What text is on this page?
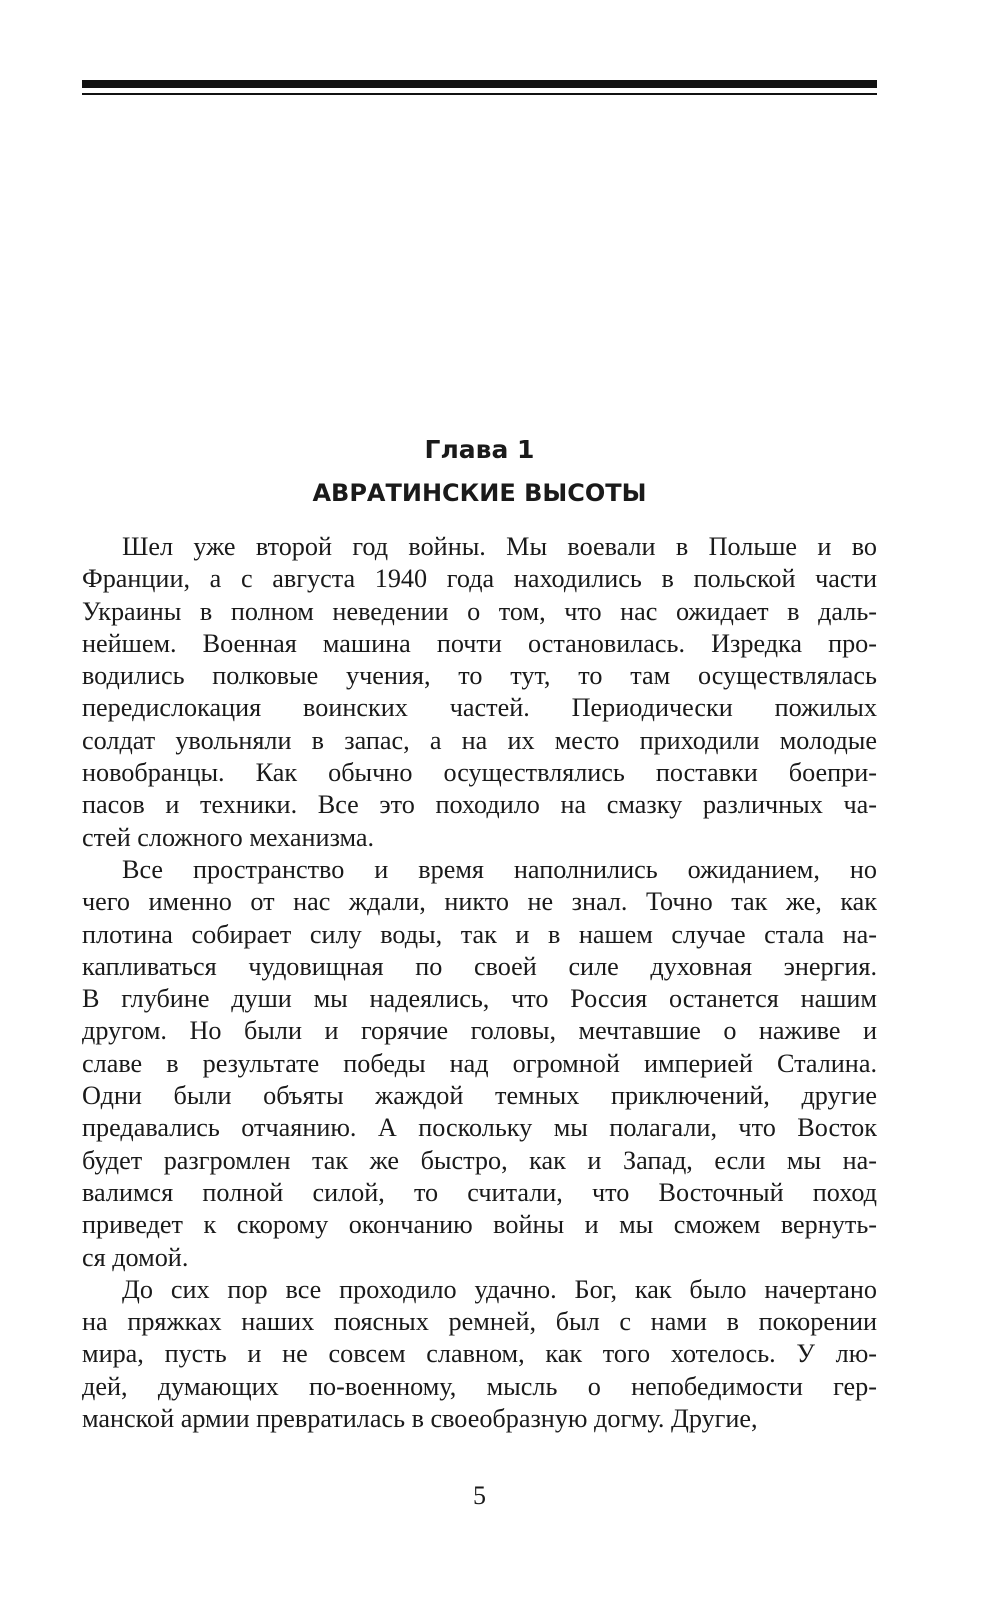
Глава 1
АВРАТИНСКИЕ ВЫСОТЫ
Шел уже второй год войны. Мы воевали в Польше и во
Франции, а с августа 1940 года находились в польской части
Украины в полном неведении о том, что нас ожидает в даль-
нейшем. Военная машина почти остановилась. Изредка про-
водились полковые учения, то тут, то там осуществлялась
передислокация воинских частей. Периодически пожилых
солдат увольняли в запас, а на их место приходили молодые
новобранцы. Как обычно осуществлялись поставки боепри-
пасов и техники. Все это походило на смазку различных ча-
стей сложного механизма.
Все пространство и время наполнились ожиданием, но
чего именно от нас ждали, никто не знал. Точно так же, как
плотина собирает силу воды, так и в нашем случае стала на-
капливаться чудовищная по своей силе духовная энергия.
В глубине души мы надеялись, что Россия останется нашим
другом. Но были и горячие головы, мечтавшие о наживе и
славе в результате победы над огромной империей Сталина.
Одни были объяты жаждой темных приключений, другие
предавались отчаянию. А поскольку мы полагали, что Восток
будет разгромлен так же быстро, как и Запад, если мы на-
валимся полной силой, то считали, что Восточный поход
приведет к скорому окончанию войны и мы сможем вернуть-
ся домой.
До сих пор все проходило удачно. Бог, как было начертано
на пряжках наших поясных ремней, был с нами в покорении
мира, пусть и не совсем славном, как того хотелось. У лю-
дей, думающих по-военному, мысль о непобедимости гер-
манской армии превратилась в своеобразную догму. Другие,
5
